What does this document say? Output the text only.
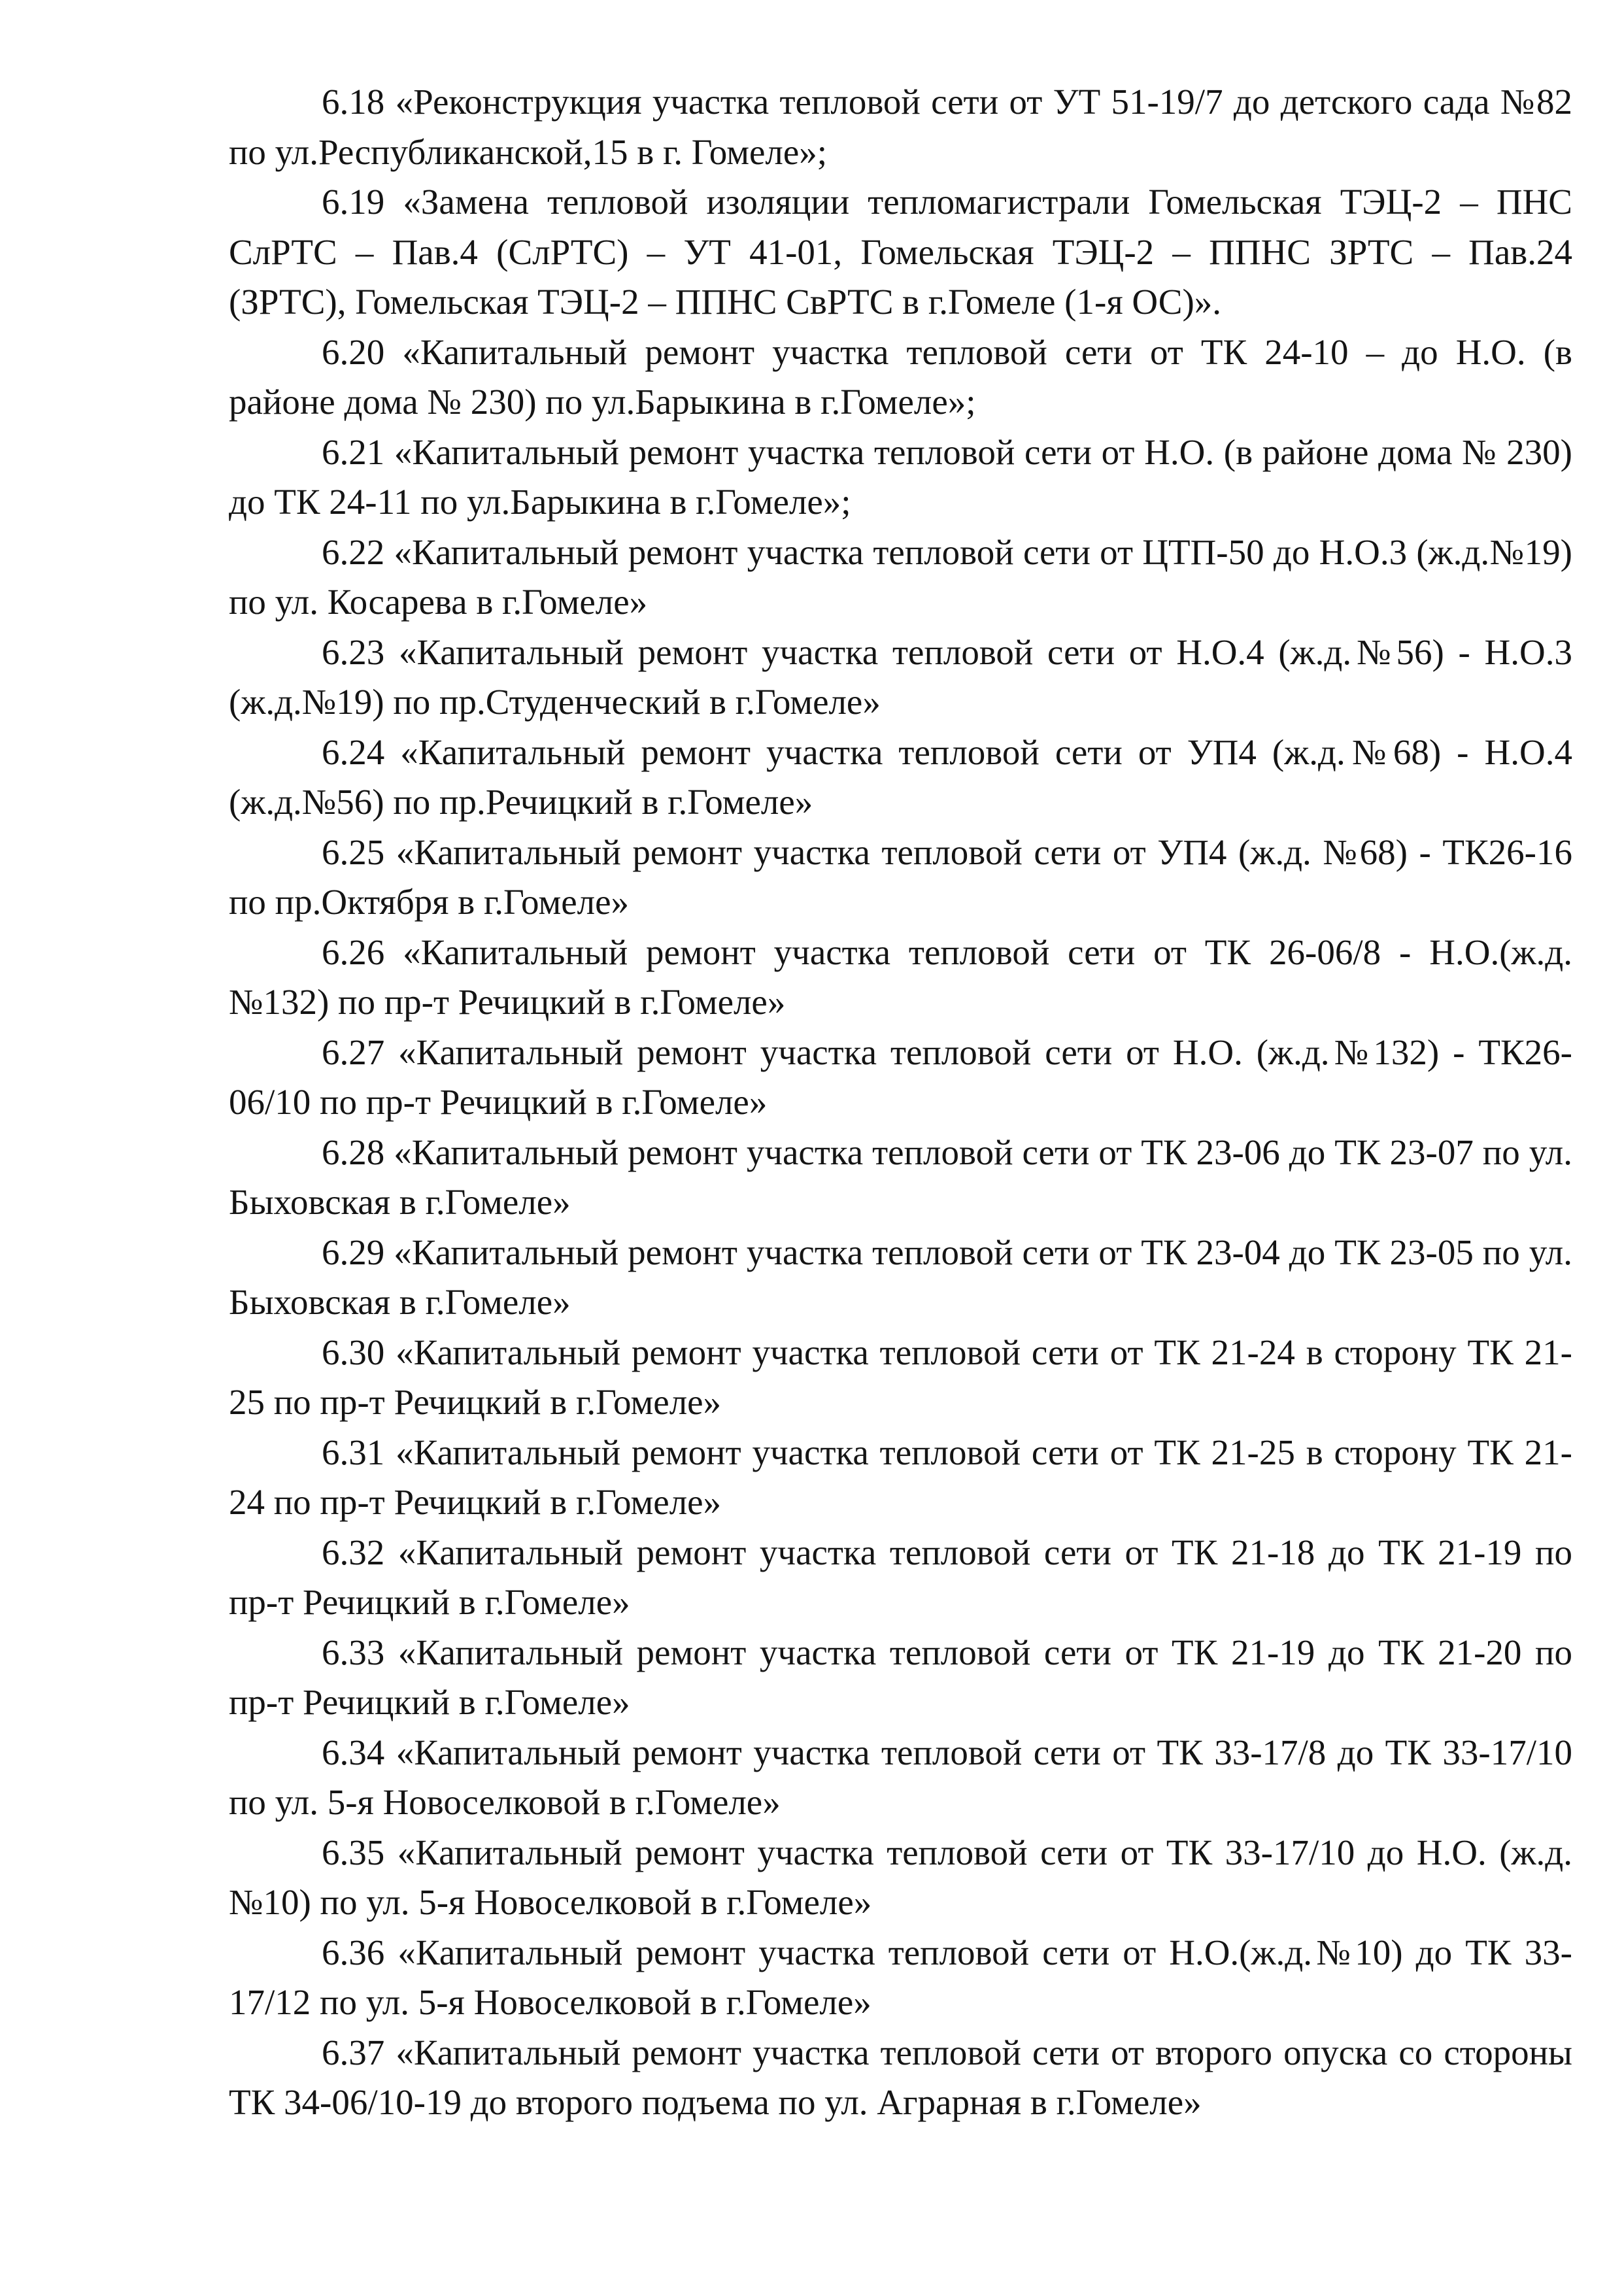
6.18 «Реконструкция участка тепловой сети от УТ 51-19/7 до детского сада №82 по ул.Республиканской,15 в г. Гомеле»;

6.19 «Замена тепловой изоляции тепломагистрали Гомельская ТЭЦ-2 – ПНС СлРТС – Пав.4 (СлРТС) – УТ 41-01, Гомельская ТЭЦ-2 – ППНС ЗРТС – Пав.24 (ЗРТС), Гомельская ТЭЦ-2 – ППНС СвРТС в г.Гомеле (1-я ОС)».

6.20 «Капитальный ремонт участка тепловой сети от ТК 24-10 – до Н.О. (в районе дома № 230) по ул.Барыкина в г.Гомеле»;

6.21 «Капитальный ремонт участка тепловой сети от Н.О. (в районе дома № 230) до ТК 24-11 по ул.Барыкина в г.Гомеле»;

6.22 «Капитальный ремонт участка тепловой сети от ЦТП-50 до Н.О.3 (ж.д.№19) по ул. Косарева в г.Гомеле»

6.23 «Капитальный ремонт участка тепловой сети от Н.О.4 (ж.д.№56) - Н.О.3 (ж.д.№19) по пр.Студенческий в г.Гомеле»

6.24 «Капитальный ремонт участка тепловой сети от УП4 (ж.д.№68) - Н.О.4 (ж.д.№56) по пр.Речицкий в г.Гомеле»

6.25 «Капитальный ремонт участка тепловой сети от УП4 (ж.д. №68) - ТК26-16 по пр.Октября в г.Гомеле»

6.26 «Капитальный ремонт участка тепловой сети от ТК 26-06/8 - Н.О.(ж.д.№132) по пр-т Речицкий в г.Гомеле»

6.27 «Капитальный ремонт участка тепловой сети от Н.О. (ж.д.№132) - ТК26-06/10 по пр-т Речицкий в г.Гомеле»

6.28 «Капитальный ремонт участка тепловой сети от ТК 23-06 до ТК 23-07 по ул. Быховская в г.Гомеле»

6.29 «Капитальный ремонт участка тепловой сети от ТК 23-04 до ТК 23-05 по ул. Быховская в г.Гомеле»

6.30 «Капитальный ремонт участка тепловой сети от ТК 21-24 в сторону ТК 21-25 по пр-т Речицкий в г.Гомеле»

6.31 «Капитальный ремонт участка тепловой сети от ТК 21-25 в сторону ТК 21-24 по пр-т Речицкий в г.Гомеле»

6.32 «Капитальный ремонт участка тепловой сети от ТК 21-18 до ТК 21-19 по пр-т Речицкий в г.Гомеле»

6.33 «Капитальный ремонт участка тепловой сети от ТК 21-19 до ТК 21-20 по пр-т Речицкий в г.Гомеле»

6.34 «Капитальный ремонт участка тепловой сети от ТК 33-17/8 до ТК 33-17/10 по ул. 5-я Новоселковой в г.Гомеле»

6.35 «Капитальный ремонт участка тепловой сети от ТК 33-17/10 до Н.О. (ж.д.№10) по ул. 5-я Новоселковой в г.Гомеле»

6.36 «Капитальный ремонт участка тепловой сети от Н.О.(ж.д.№10) до ТК 33-17/12 по ул. 5-я Новоселковой в г.Гомеле»

6.37 «Капитальный ремонт участка тепловой сети от второго опуска со стороны ТК 34-06/10-19 до второго подъема по ул. Аграрная в г.Гомеле»
